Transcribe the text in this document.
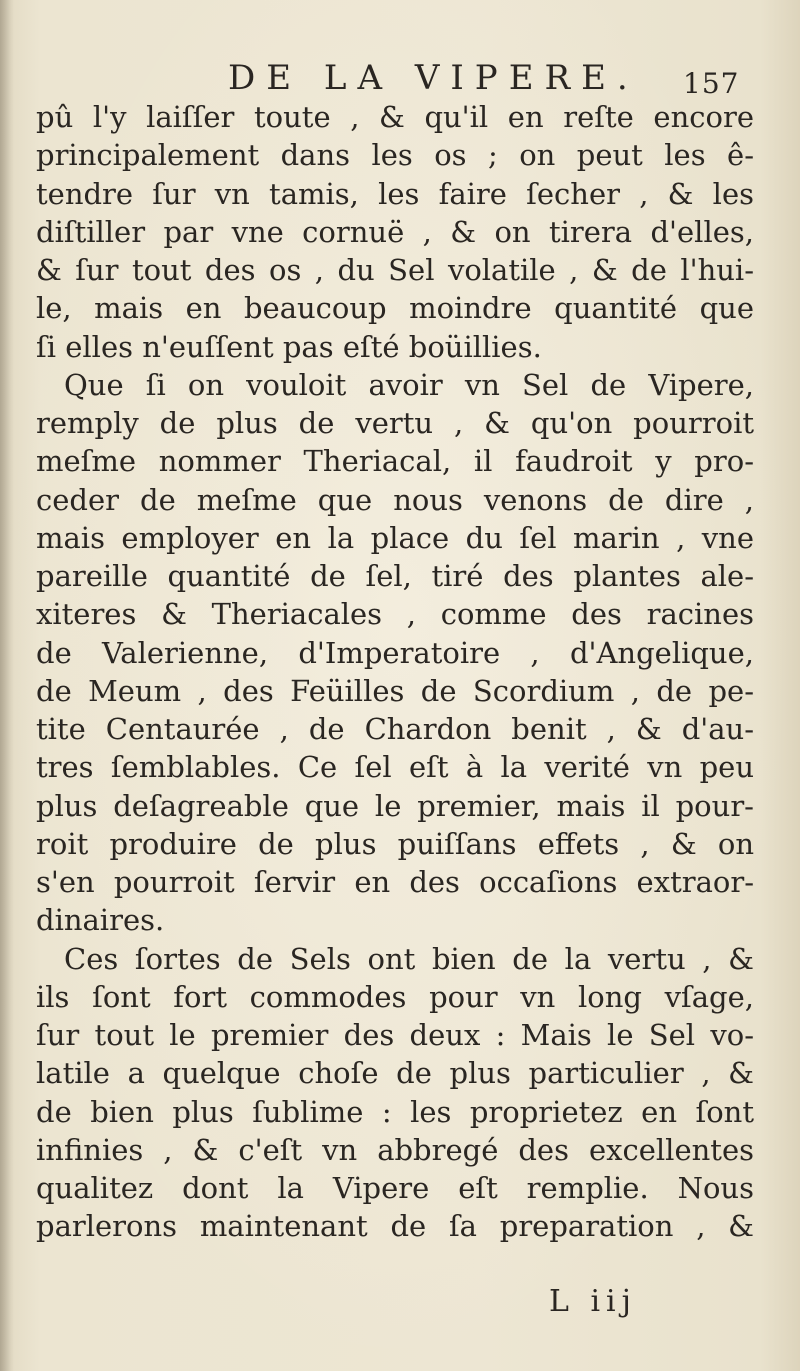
DE LA VIPERE. 157
pû l'y laiſſer toute , & qu'il en reſte encore
principalement dans les os ; on peut les ê-
tendre ſur vn tamis, les faire ſecher , & les
diſtiller par vne cornuë , & on tirera d'elles,
& ſur tout des os , du Sel volatile , & de l'hui-
le, mais en beaucoup moindre quantité que
ſi elles n'euſſent pas eſté boüillies.
Que ſi on vouloit avoir vn Sel de Vipere,
remply de plus de vertu , & qu'on pourroit
meſme nommer Theriacal, il faudroit y pro-
ceder de meſme que nous venons de dire ,
mais employer en la place du ſel marin , vne
pareille quantité de ſel, tiré des plantes ale-
xiteres & Theriacales , comme des racines
de Valerienne, d'Imperatoire , d'Angelique,
de Meum , des Feüilles de Scordium , de pe-
tite Centaurée , de Chardon benit , & d'au-
tres ſemblables. Ce ſel eſt à la verité vn peu
plus deſagreable que le premier, mais il pour-
roit produire de plus puiſſans effets , & on
s'en pourroit ſervir en des occaſions extraor-
dinaires.
Ces ſortes de Sels ont bien de la vertu , &
ils ſont fort commodes pour vn long vſage,
ſur tout le premier des deux : Mais le Sel vo-
latile a quelque choſe de plus particulier , &
de bien plus ſublime : les proprietez en ſont
infinies , & c'eſt vn abbregé des excellentes
qualitez dont la Vipere eſt remplie. Nous
parlerons maintenant de ſa preparation , &
L iij
